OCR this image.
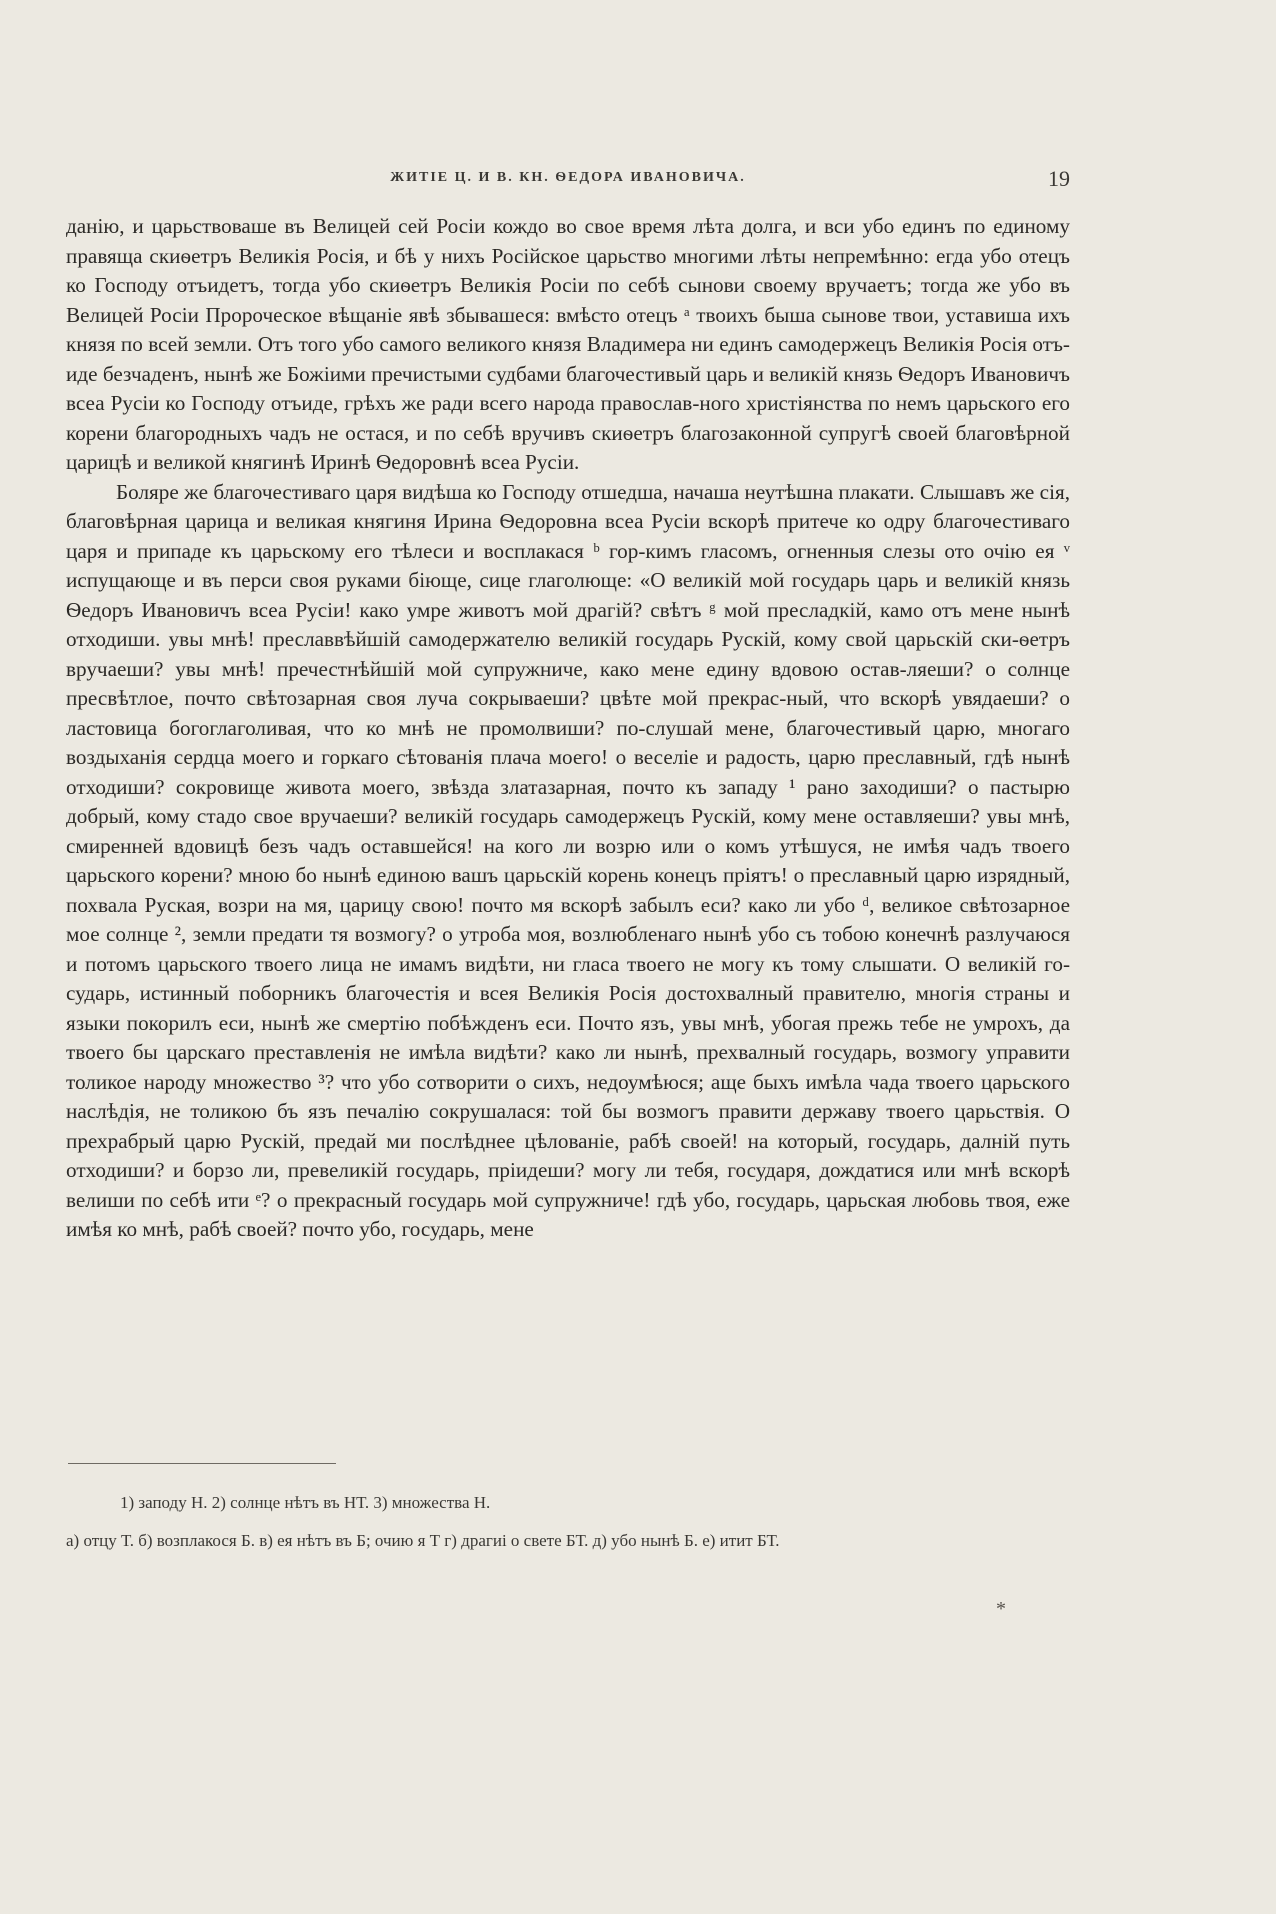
ЖИТІЕ Ц. И В. КН. ѲЕДОРА ИВАНОВИЧА.	19

данію, и царьствоваше въ Велицей сей Росіи кождо во свое время лѣта долга, и вси убо единъ по единому правяща скиѳетръ Великія Росія, и бѣ у нихъ Російское царьство многими лѣты непремѣнно: егда убо отецъ ко Господу отъидетъ, тогда убо скиѳетръ Великія Росіи по себѣ сынови своему вручаетъ; тогда же убо въ Велицей Росіи Пророческое вѣщаніе явѣ збывашеся: вмѣсто отецъ ᵃ твоихъ быша сынове твои, уставиша ихъ князя по всей земли. Отъ того убо самого великого князя Владимера ни единъ самодержецъ Великія Росія отъ-иде безчаденъ, нынѣ же Божіими пречистыми судбами благочестивый царь и великій князь Ѳедоръ Ивановичъ всеа Русіи ко Господу отъиде, грѣхъ же ради всего народа православ-ного христіянства по немъ царьского его корени благородныхъ чадъ не остася, и по себѣ вручивъ скиѳетръ благозаконной супругѣ своей благовѣрной царицѣ и великой княгинѣ Иринѣ Ѳедоровнѣ всеа Русіи.

Боляре же благочестиваго царя видѣша ко Господу отшедша, начаша неутѣшна плакати. Слышавъ же сія, благовѣрная царица и великая княгиня Ирина Ѳедоровна всеа Русіи вскорѣ притече ко одру благочестиваго царя и припаде къ царьскому его тѣлеси и восплакася ᵇ гор-кимъ гласомъ, огненныя слезы ото очію ея ᵛ испущающе и въ перси своя руками біюще, сице глаголюще: «О великій мой государь царь и великій князь Ѳедоръ Ивановичъ всеа Русіи! како умре животъ мой драгій? свѣтъ ᵍ мой пресладкій, камо отъ мене нынѣ отходиши. увы мнѣ! преславвѣйшій самодержателю великій государь Рускій, кому свой царьскій ски-ѳетръ вручаеши? увы мнѣ! пречестнѣйшій мой супружниче, како мене едину вдовою остав-ляеши? о солнце пресвѣтлое, почто свѣтозарная своя луча сокрываеши? цвѣте мой прекрас-ный, что вскорѣ увядаеши? о ластовица богоглаголивая, что ко мнѣ не промолвиши? по-слушай мене, благочестивый царю, многаго воздыханія сердца моего и горкаго сѣтованія плача моего! о веселіе и радость, царю преславный, гдѣ нынѣ отходиши? сокровище живота моего, звѣзда златазарная, почто къ западу ¹ рано заходиши? о пастырю добрый, кому стадо свое вручаеши? великій государь самодержецъ Рускій, кому мене оставляеши? увы мнѣ, смиренней вдовицѣ безъ чадъ оставшейся! на кого ли возрю или о комъ утѣшуся, не имѣя чадъ твоего царьского корени? мною бо нынѣ единою вашъ царьскій корень конецъ пріятъ! о преславный царю изрядный, похвала Руская, возри на мя, царицу свою! почто мя вскорѣ забылъ еси? како ли убо ᵈ, великое свѣтозарное мое солнце ², земли предати тя возмогу? о утроба моя, возлюбленаго нынѣ убо съ тобою конечнѣ разлучаюся и потомъ царьского твоего лица не имамъ видѣти, ни гласа твоего не могу къ тому слышати. О великій го-сударь, истинный поборникъ благочестія и всея Великія Росія достохвалный правителю, многія страны и языки покорилъ еси, нынѣ же смертію побѣжденъ еси. Почто язъ, увы мнѣ, убогая прежь тебе не умрохъ, да твоего бы царскаго преставленія не имѣла видѣти? како ли нынѣ, прехвалный государь, возмогу управити толикое народу множество ³? что убо сотворити о сихъ, недоумѣюся; аще быхъ имѣла чада твоего царьского наслѣдія, не толикою бъ язъ печалію сокрушалася: той бы возмогъ правити державу твоего царьствія. О прехрабрый царю Рускій, предай ми послѣднее цѣлованіе, рабѣ своей! на который, государь, далній путь отходиши? и борзо ли, превеликій государь, пріидеши? могу ли тебя, государя, дождатися или мнѣ вскорѣ велиши по себѣ ити ᵉ? о прекрасный государь мой супружниче! гдѣ убо, государь, царьская любовь твоя, еже имѣя ко мнѣ, рабѣ своей? почто убо, государь, мене

1) заподу Н. 2) солнце нѣтъ въ НТ. 3) множества Н.
а) отцу Т. б) возплакося Б. в) ея нѣтъ въ Б; очию я Т г) драгиі о свете БТ. д) убо нынѣ Б. е) итит БТ.
*
